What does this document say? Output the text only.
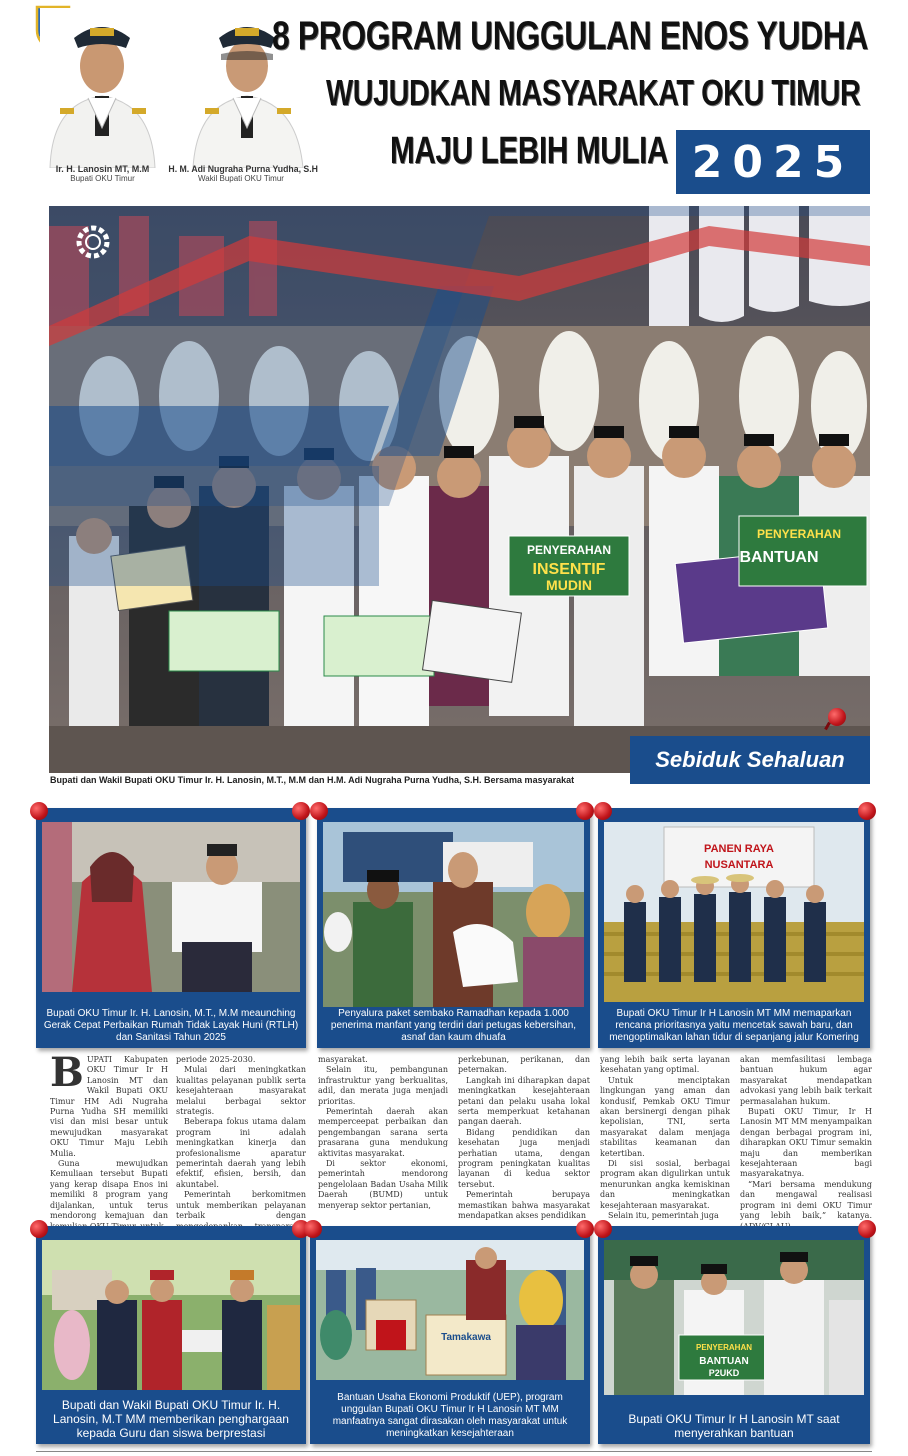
Ir. H. Lanosin MT, M.M
Bupati OKU Timur
H. M. Adi Nugraha Purna Yudha, S.H
Wakil Bupati OKU Timur
8 PROGRAM UNGGULAN ENOS YUDHA
WUJUDKAN MASYARAKAT OKU TIMUR
MAJU LEBIH MULIA 2025
PENYERAHAN
INSENTIF
MUDIN
PENYERAHAN
BANTUAN
Bupati dan Wakil Bupati OKU Timur Ir. H. Lanosin, M.T., M.M dan H.M. Adi Nugraha Purna Yudha, S.H. Bersama masyarakat
Sebiduk Sehaluan
Bupati OKU Timur Ir. H. Lanosin, M.T., M.M meaunching Gerak Cepat Perbaikan Rumah Tidak Layak Huni (RTLH) dan Sanitasi Tahun 2025
Penyalura paket sembako Ramadhan kepada 1.000 penerima manfant yang terdiri dari petugas kebersihan, asnaf dan kaum dhuafa
PANEN RAYA
NUSANTARA
Bupati OKU Timur Ir H Lanosin MT MM memaparkan rencana prioritasnya yaitu mencetak sawah baru, dan mengoptimalkan lahan tidur di sepanjang jalur Komering

BUPATI Kabupaten OKU Timur Ir H Lanosin MT dan Wakil Bupati OKU Timur HM Adi Nugraha Purna Yudha SH memiliki visi dan misi besar untuk mewujudkan masyarakat OKU Timur Maju Lebih Mulia.

Guna mewujudkan Kemuliaan tersebut Bupati yang kerap disapa Enos ini memiliki 8 program yang dijalankan, untuk terus mendorong kemajuan dan

periode 2025-2030.

Mulai dari meningkatkan kualitas pelayanan publik serta kesejahteraan masyarakat melalui berbagai sektor strategis.

Beberapa fokus utama dalam program ini adalah meningkatkan kinerja dan profesionalisme aparatur pemerintah daerah yang lebih efektif, efisien, bersih, dan akuntabel.

Pemerintah berkomitmen untuk memberikan pelayanan terbaik dengan

masyarakat.

Selain itu, pembangunan infrastruktur yang berkualitas, adil, dan merata juga menjadi prioritas.

Pemerintah daerah akan memperceepat perbaikan dan pengembangan sarana serta prasarana guna mendukung aktivitas masyarakat.

Di sektor ekonomi, pemerintah mendorong pengelolaan Badan Usaha Milik Daerah (BUMD) untuk menyerap sektor pertanian,

perkebunan, perikanan, dan peternakan.

Langkah ini diharapkan dapat meningkatkan kesejahteraan petani dan pelaku usaha lokal serta memperkuat ketahanan pangan daerah.

Bidang pendidikan dan kesehatan juga menjadi perhatian utama, dengan program peningkatan kualitas layanan di kedua sektor tersebut.

Pemerintah berupaya memastikan bahwa masyarakat mendapatkan akses pendidikan

yang lebih baik serta layanan kesehatan yang optimal.

Untuk menciptakan lingkungan yang aman dan kondusif, Pemkab OKU Timur akan bersinergi dengan pihak kepolisian, TNI, serta masyarakat dalam menjaga stabilitas keamanan dan ketertiban.

Di sisi sosial, berbagai program akan digulirkan untuk menurunkan angka kemiskinan dan meningkatkan kesejahteraan masyarakat.

Selain itu, pemerintah juga

akan memfasilitasi lembaga bantuan hukum agar masyarakat mendapatkan advokasi yang lebih baik terkait permasalahan hukum.

Bupati OKU Timur, Ir H Lanosin MT MM menyampaikan dengan berbagai program ini, diharapkan OKU Timur semakin maju dan memberikan kesejahteraan bagi masyarakatnya.

“Mari bersama mendukung dan mengawal realisasi program ini demi OKU Timur yang lebih baik,” katanya.

Bupati dan Wakil Bupati OKU Timur Ir. H. Lanosin, M.T MM memberikan penghargaan kepada Guru dan siswa berprestasi
Tamakawa
Bantuan Usaha Ekonomi Produktif (UEP), program unggulan Bupati OKU Timur Ir H Lanosin MT MM manfaatnya sangat dirasakan oleh masyarakat untuk meningkatkan kesejahteraan
PENYERAHAN
BANTUAN
P2UKD
Bupati OKU Timur Ir H Lanosin MT saat menyerahkan bantuan
